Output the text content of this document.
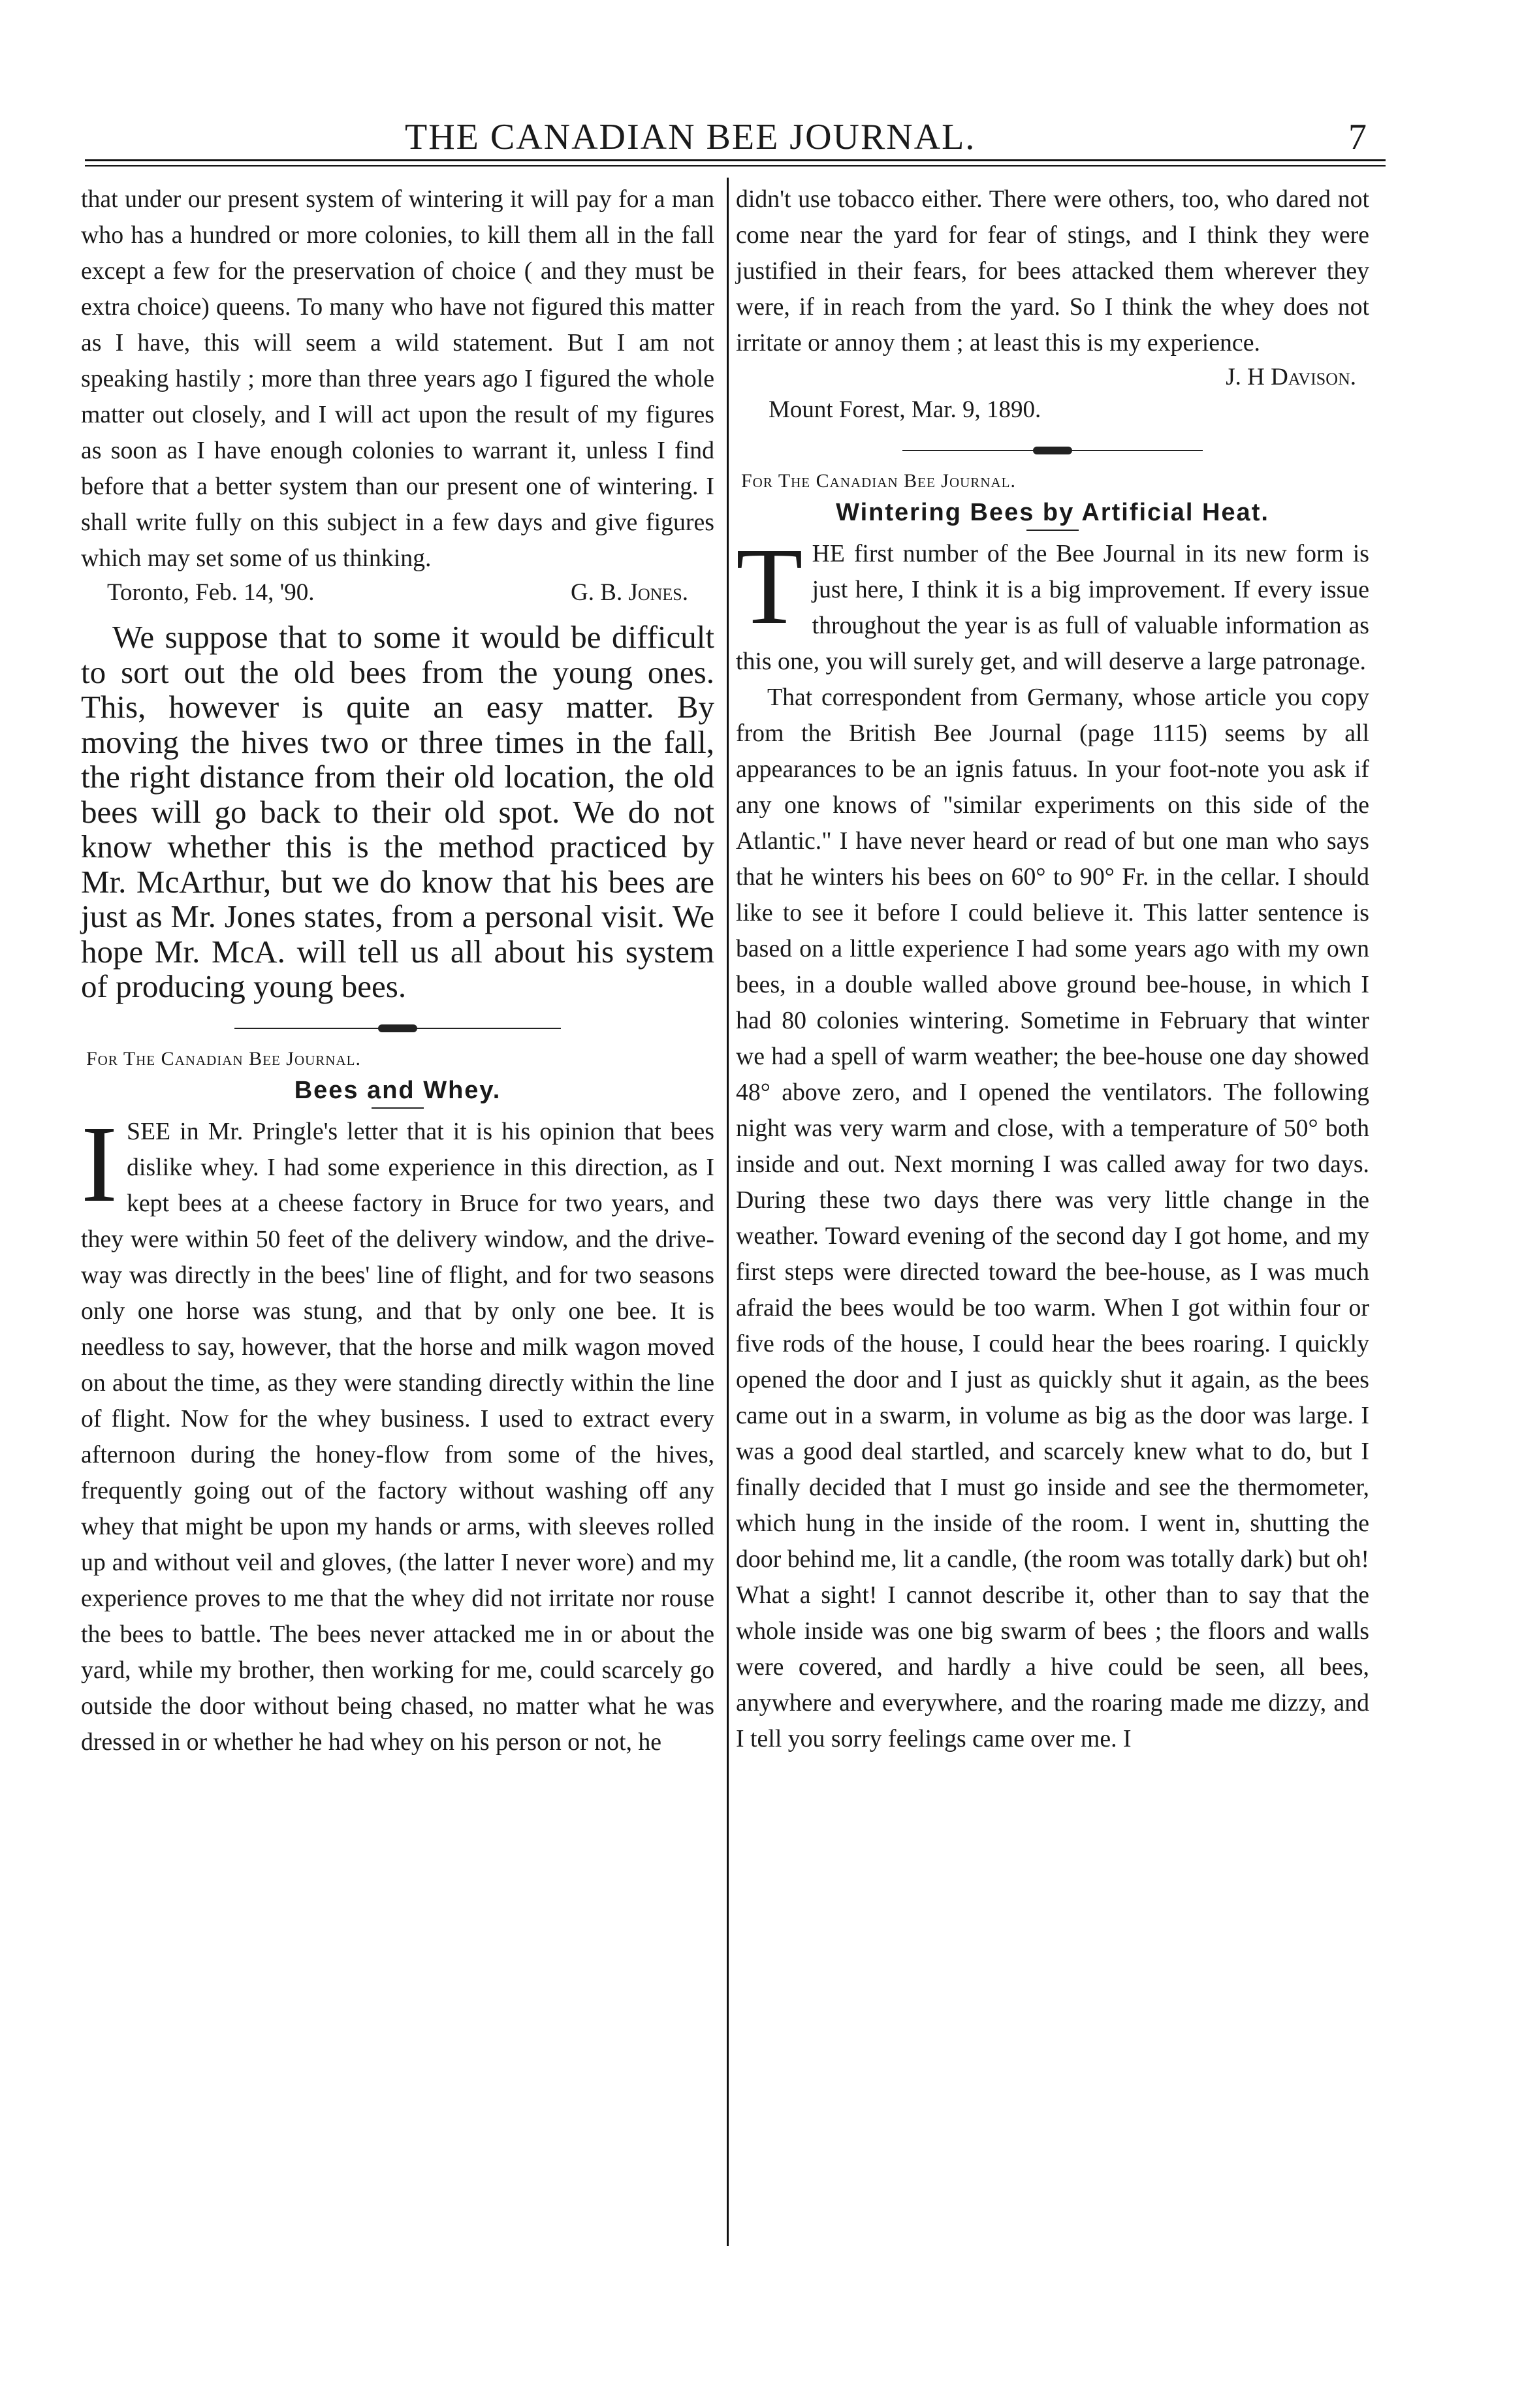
THE CANADIAN BEE JOURNAL.	7

that under our present system of wintering it will pay for a man who has a hundred or more colonies, to kill them all in the fall except a few for the preservation of choice ( and they must be extra choice) queens. To many who have not figured this matter as I have, this will seem a wild statement. But I am not speaking hastily ; more than three years ago I figured the whole matter out closely, and I will act upon the result of my figures as soon as I have enough colonies to warrant it, unless I find before that a better system than our present one of wintering. I shall write fully on this subject in a few days and give figures which may set some of us thinking.

Toronto, Feb. 14, '90.	G. B. Jones.

We suppose that to some it would be difficult to sort out the old bees from the young ones. This, however is quite an easy matter. By moving the hives two or three times in the fall, the right distance from their old location, the old bees will go back to their old spot. We do not know whether this is the method practiced by Mr. McArthur, but we do know that his bees are just as Mr. Jones states, from a personal visit. We hope Mr. McA. will tell us all about his system of producing young bees.

For The Canadian Bee Journal.
Bees and Whey.
I SEE in Mr. Pringle's letter that it is his opinion that bees dislike whey. I had some experience in this direction, as I kept bees at a cheese factory in Bruce for two years, and they were within 50 feet of the delivery window, and the drive-way was directly in the bees' line of flight, and for two seasons only one horse was stung, and that by only one bee. It is needless to say, however, that the horse and milk wagon moved on about the time, as they were standing directly within the line of flight. Now for the whey business. I used to extract every afternoon during the honey-flow from some of the hives, frequently going out of the factory without washing off any whey that might be upon my hands or arms, with sleeves rolled up and without veil and gloves, (the latter I never wore) and my experience proves to me that the whey did not irritate nor rouse the bees to battle. The bees never attacked me in or about the yard, while my brother, then working for me, could scarcely go outside the door without being chased, no matter what he was dressed in or whether he had whey on his person or not, he

didn't use tobacco either. There were others, too, who dared not come near the yard for fear of stings, and I think they were justified in their fears, for bees attacked them wherever they were, if in reach from the yard. So I think the whey does not irritate or annoy them ; at least this is my experience.

J. H Davison.
Mount Forest, Mar. 9, 1890.
For The Canadian Bee Journal.
Wintering Bees by Artificial Heat.
T HE first number of the Bee Journal in its new form is just here, I think it is a big improvement. If every issue throughout the year is as full of valuable information as this one, you will surely get, and will deserve a large patronage.

That correspondent from Germany, whose article you copy from the British Bee Journal (page 1115) seems by all appearances to be an ignis fatuus. In your foot-note you ask if any one knows of "similar experiments on this side of the Atlantic." I have never heard or read of but one man who says that he winters his bees on 60° to 90° Fr. in the cellar. I should like to see it before I could believe it. This latter sentence is based on a little experience I had some years ago with my own bees, in a double walled above ground bee-house, in which I had 80 colonies wintering. Sometime in February that winter we had a spell of warm weather; the bee-house one day showed 48° above zero, and I opened the ventilators. The following night was very warm and close, with a temperature of 50° both inside and out. Next morning I was called away for two days. During these two days there was very little change in the weather. Toward evening of the second day I got home, and my first steps were directed toward the bee-house, as I was much afraid the bees would be too warm. When I got within four or five rods of the house, I could hear the bees roaring. I quickly opened the door and I just as quickly shut it again, as the bees came out in a swarm, in volume as big as the door was large. I was a good deal startled, and scarcely knew what to do, but I finally decided that I must go inside and see the thermometer, which hung in the inside of the room. I went in, shutting the door behind me, lit a candle, (the room was totally dark) but oh! What a sight! I cannot describe it, other than to say that the whole inside was one big swarm of bees ; the floors and walls were covered, and hardly a hive could be seen, all bees, anywhere and everywhere, and the roaring made me dizzy, and I tell you sorry feelings came over me. I
